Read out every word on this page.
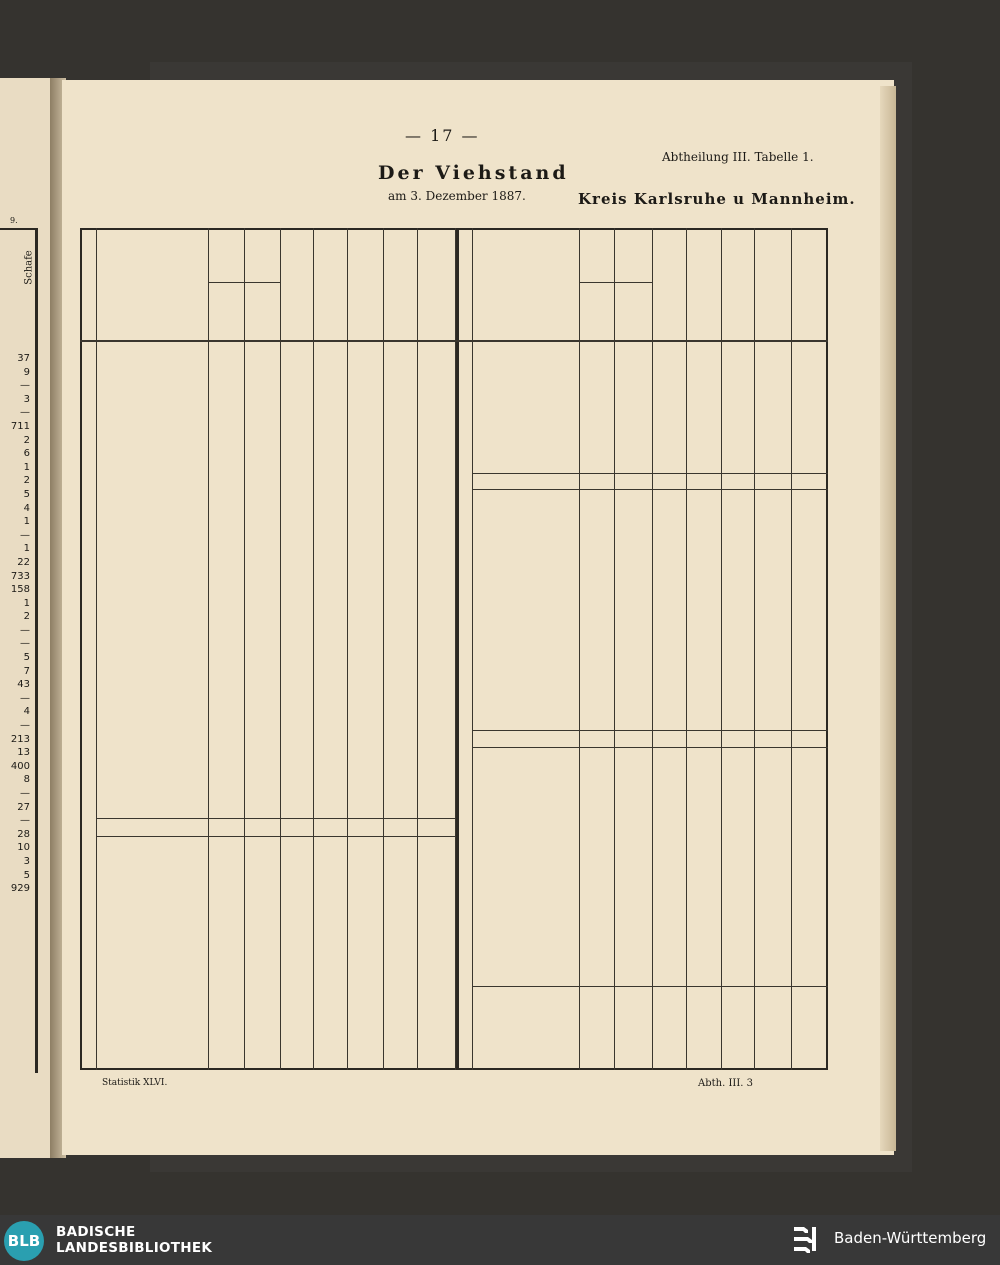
9.
Schafe
37
9
—
3
—
711
2
6
1
2
5
4
1
—
1
22
733
158
1
2
—
—
5
7
43
—
4
—
213
13
400
8
—
27
—
28
10
3
5
929
— 17 —
Abtheilung III. Tabelle 1.
Der Viehstand
am 3. Dezember 1887.	Kreis Karlsruhe u Mannheim.
Statistik XLVI.	Abth. III. 3
BLB BADISCHE
LANDESBIBLIOTHEK
Baden-Württemberg
